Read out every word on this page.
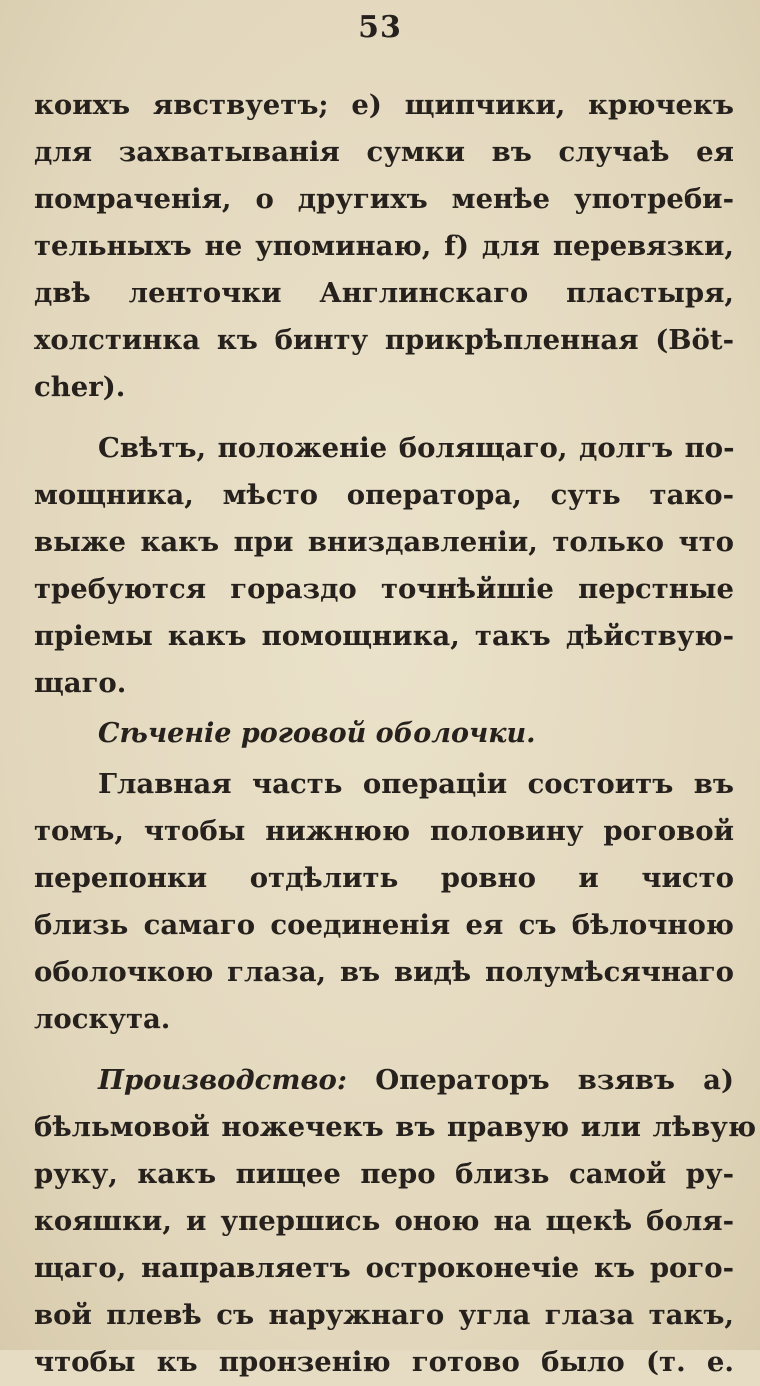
53
коихъ явствуетъ; е) щипчики, крючекъ
для захватыванія сумки въ случаѣ ея
помраченія, о другихъ менѣе употреби-
тельныхъ не упоминаю, f) для перевязки,
двѣ ленточки Англинскаго пластыря,
холстинка къ бинту прикрѣпленная (Böt-
cher).
Свѣтъ, положеніе болящаго, долгъ по-
мощника, мѣсто оператора, суть тако-
выже какъ при вниздавленіи, только что
требуются гораздо точнѣйшіе перстные
пріемы какъ помощника, такъ дѣйствую-
щаго.
Сѣченіе роговой оболочки.
Главная часть операціи состоитъ въ
томъ, чтобы нижнюю половину роговой
перепонки отдѣлить ровно и чисто
близь самаго соединенія ея съ бѣлочною
оболочкою глаза, въ видѣ полумѣсячнаго
лоскута.
Производство: Операторъ взявъ а)
бѣльмовой ножечекъ въ правую или лѣвую
руку, какъ пищее перо близь самой ру-
кояшки, и упершись оною на щекѣ боля-
щаго, направляетъ остроконечіе къ рого-
вой плевѣ съ наружнаго угла глаза такъ,
чтобы къ пронзенію готово было (т. е.
